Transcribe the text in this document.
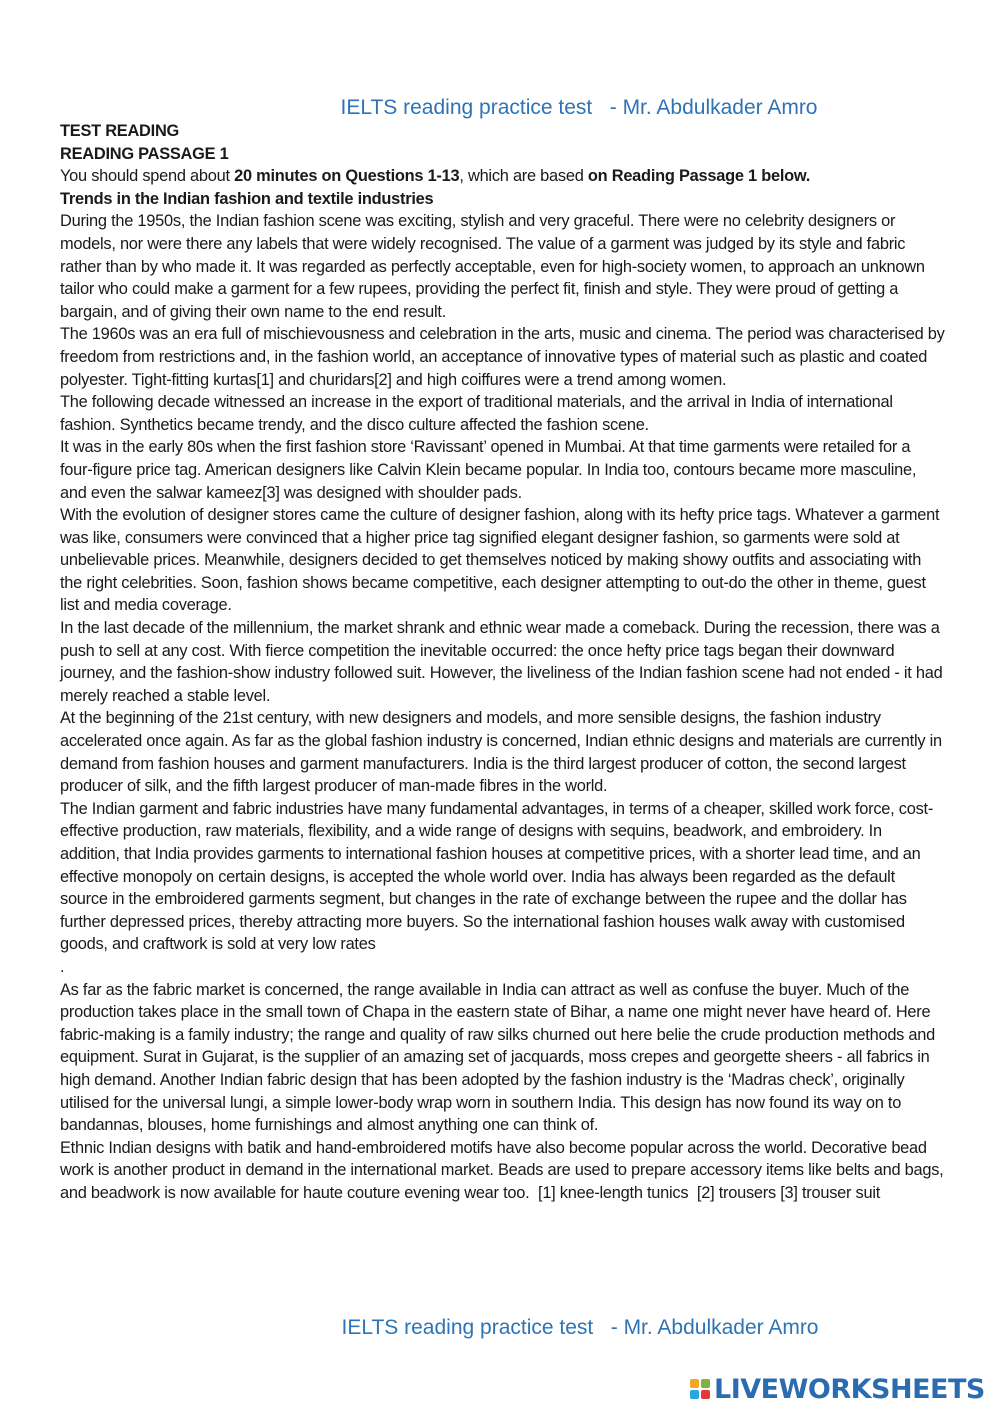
IELTS reading practice test   - Mr. Abdulkader Amro

TEST READING

READING PASSAGE 1

You should spend about 20 minutes on Questions 1-13, which are based on Reading Passage 1 below.

Trends in the Indian fashion and textile industries

During the 1950s, the Indian fashion scene was exciting, stylish and very graceful. There were no celebrity designers or models, nor were there any labels that were widely recognised. The value of a garment was judged by its style and fabric rather than by who made it. It was regarded as perfectly acceptable, even for high-society women, to approach an unknown tailor who could make a garment for a few rupees, providing the perfect fit, finish and style. They were proud of getting a bargain, and of giving their own name to the end result.

The 1960s was an era full of mischievousness and celebration in the arts, music and cinema. The period was characterised by freedom from restrictions and, in the fashion world, an acceptance of innovative types of material such as plastic and coated polyester. Tight-fitting kurtas[1] and churidars[2] and high coiffures were a trend among women.

The following decade witnessed an increase in the export of traditional materials, and the arrival in India of international fashion. Synthetics became trendy, and the disco culture affected the fashion scene.

It was in the early 80s when the first fashion store ‘Ravissant’ opened in Mumbai. At that time garments were retailed for a four-figure price tag. American designers like Calvin Klein became popular. In India too, contours became more masculine, and even the salwar kameez[3] was designed with shoulder pads.

With the evolution of designer stores came the culture of designer fashion, along with its hefty price tags. Whatever a garment was like, consumers were convinced that a higher price tag signified elegant designer fashion, so garments were sold at unbelievable prices. Meanwhile, designers decided to get themselves noticed by making showy outfits and associating with the right celebrities. Soon, fashion shows became competitive, each designer attempting to out-do the other in theme, guest list and media coverage.

In the last decade of the millennium, the market shrank and ethnic wear made a comeback. During the recession, there was a push to sell at any cost. With fierce competition the inevitable occurred: the once hefty price tags began their downward journey, and the fashion-show industry followed suit. However, the liveliness of the Indian fashion scene had not ended - it had merely reached a stable level.

At the beginning of the 21st century, with new designers and models, and more sensible designs, the fashion industry accelerated once again. As far as the global fashion industry is concerned, Indian ethnic designs and materials are currently in demand from fashion houses and garment manufacturers. India is the third largest producer of cotton, the second largest producer of silk, and the fifth largest producer of man-made fibres in the world.

The Indian garment and fabric industries have many fundamental advantages, in terms of a cheaper, skilled work force, cost-effective production, raw materials, flexibility, and a wide range of designs with sequins, beadwork, and embroidery. In addition, that India provides garments to international fashion houses at competitive prices, with a shorter lead time, and an effective monopoly on certain designs, is accepted the whole world over. India has always been regarded as the default source in the embroidered garments segment, but changes in the rate of exchange between the rupee and the dollar has further depressed prices, thereby attracting more buyers. So the international fashion houses walk away with customised goods, and craftwork is sold at very low rates

.

As far as the fabric market is concerned, the range available in India can attract as well as confuse the buyer. Much of the production takes place in the small town of Chapa in the eastern state of Bihar, a name one might never have heard of. Here fabric-making is a family industry; the range and quality of raw silks churned out here belie the crude production methods and equipment. Surat in Gujarat, is the supplier of an amazing set of jacquards, moss crepes and georgette sheers - all fabrics in high demand. Another Indian fabric design that has been adopted by the fashion industry is the ‘Madras check’, originally utilised for the universal lungi, a simple lower-body wrap worn in southern India. This design has now found its way on to bandannas, blouses, home furnishings and almost anything one can think of.

Ethnic Indian designs with batik and hand-embroidered motifs have also become popular across the world. Decorative bead work is another product in demand in the international market. Beads are used to prepare accessory items like belts and bags, and beadwork is now available for haute couture evening wear too.  [1] knee-length tunics  [2] trousers [3] trouser suit

IELTS reading practice test   - Mr. Abdulkader Amro
LIVEWORKSHEETS
